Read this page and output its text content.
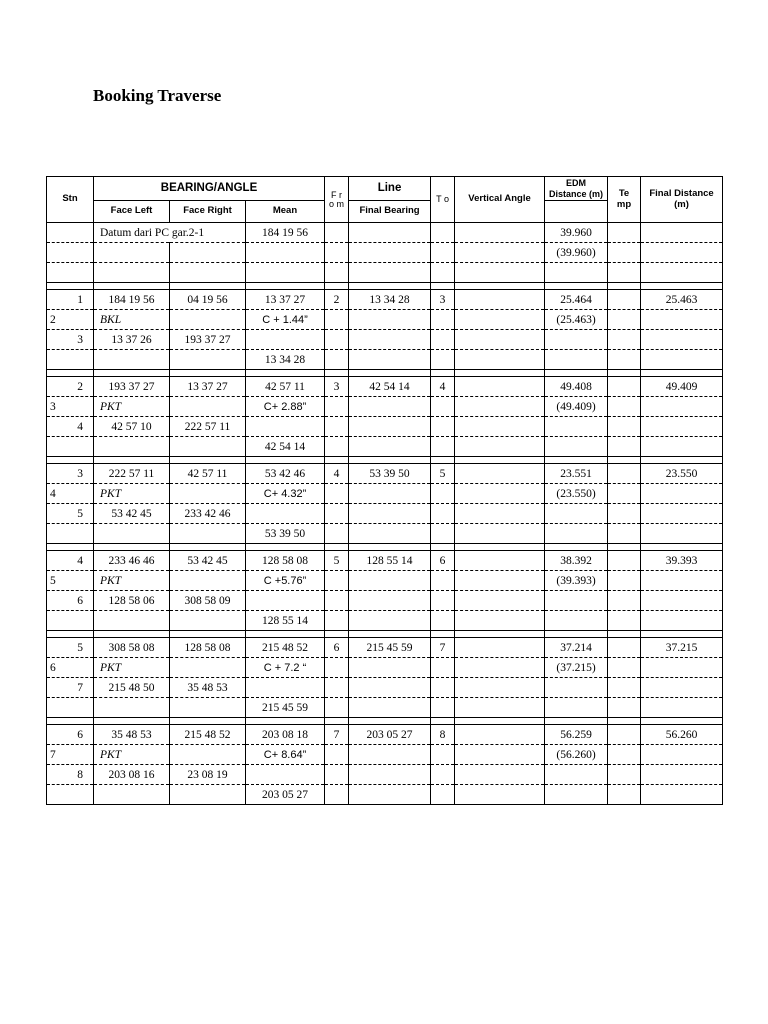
Booking Traverse
Stn	BEARING/ANGLE			F r o m	Line	T o	Vertical Angle	EDM Distance (m)	Te mp	Final Distance (m)
	Face Left	Face Right	Mean		Final Bearing					
	Datum dari PC gar.2-1		184 19 56					39.960		
								(39.960)		

1	184 19 56	04 19 56	13 37 27	2	13 34 28	3		25.464		25.463
2	BKL		C + 1.44”					(25.463)		
3	13 37 26	193 37 27								
			13 34 28							

2	193 37 27	13 37 27	42 57 11	3	42 54 14	4		49.408		49.409
3	PKT		C+ 2.88”					(49.409)		
4	42 57 10	222 57 11								
			42 54 14							

3	222 57 11	42 57 11	53 42 46	4	53 39 50	5		23.551		23.550
4	PKT		C+ 4.32”					(23.550)		
5	53 42 45	233 42 46								
			53 39 50							

4	233 46 46	53 42 45	128 58 08	5	128 55 14	6		38.392		39.393
5	PKT		C +5.76”					(39.393)		
6	128 58 06	308 58 09								
			128 55 14							

5	308 58 08	128 58 08	215 48 52	6	215 45 59	7		37.214		37.215
6	PKT		C + 7.2 “					(37.215)		
7	215 48 50	35 48 53								
			215 45 59							

6	35 48 53	215 48 52	203 08 18	7	203 05 27	8		56.259		56.260
7	PKT		C+ 8.64”					(56.260)		
8	203 08 16	23 08 19								
			203 05 27							
